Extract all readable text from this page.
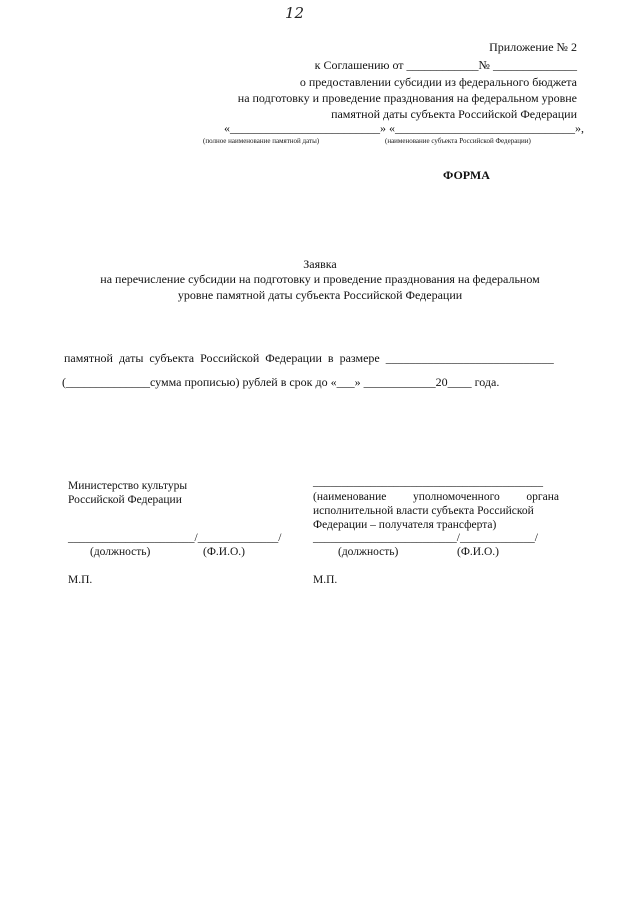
12
Приложение № 2
к Соглашению от ____________№ ______________
о предоставлении субсидии из федерального бюджета
на подготовку и проведение празднования на федеральном уровне
памятной даты субъекта Российской Федерации
«_________________________» «______________________________»,
(полное наименование памятной даты)	(наименование субъекта Российской Федерации)
ФОРМА
Заявка
на перечисление субсидии на подготовку и проведение празднования на федеральном
уровне памятной даты субъекта Российской Федерации
памятной даты субъекта Российской Федерации в размере ____________________________
(______________сумма прописью) рублей в срок до «___» ____________20____ года.
Министерство культуры
Российской Федерации
______________________/______________/
(должность)	(Ф.И.О.)
М.П.
________________________________________
(наименование уполномоченного органа
исполнительной власти субъекта Российской
Федерации – получателя трансферта)
_________________________/_____________/
(должность)	(Ф.И.О.)
М.П.
